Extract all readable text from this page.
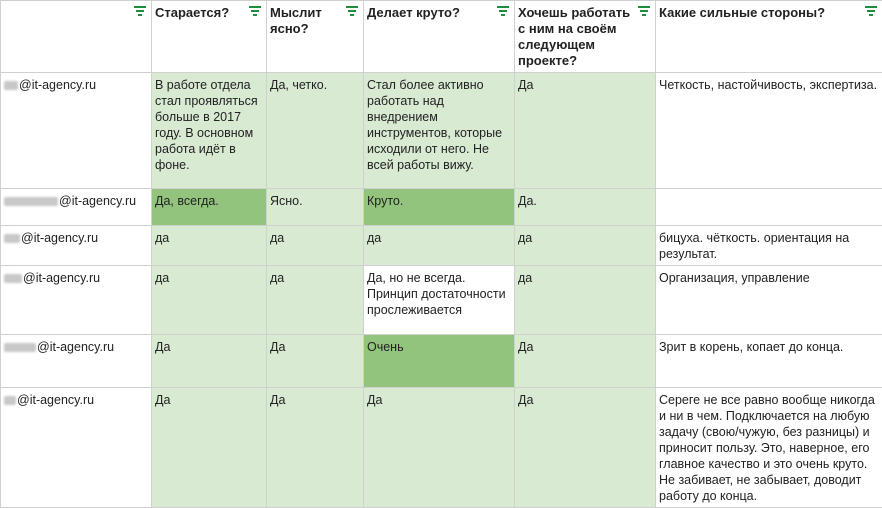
	Старается?	Мыслит ясно?	Делает круто?	Хочешь работать с ним на своём следующем проекте?	Какие сильные стороны?

@it-agency.ru	В работе отдела стал проявляться больше в 2017 году. В основном работа идёт в фоне.	Да, четко.	Стал более активно работать над внедрением инструментов, которые исходили от него. Не всей работы вижу.	Да	Четкость, настойчивость, экспертиза.
@it-agency.ru	Да, всегда.	Ясно.	Круто.	Да.	
@it-agency.ru	да	да	да	да	бицуха. чёткость. ориентация на результат.
@it-agency.ru	да	да	Да, но не всегда. Принцип достаточности прослеживается	да	Организация, управление
@it-agency.ru	Да	Да	Очень	Да	Зрит в корень, копает до конца.
@it-agency.ru	Да	Да	Да	Да	Сереге не все равно вообще никогда и ни в чем. Подключается на любую задачу (свою/чужую, без разницы) и приносит пользу. Это, наверное, его главное качество и это очень круто. Не забивает, не забывает, доводит работу до конца.
